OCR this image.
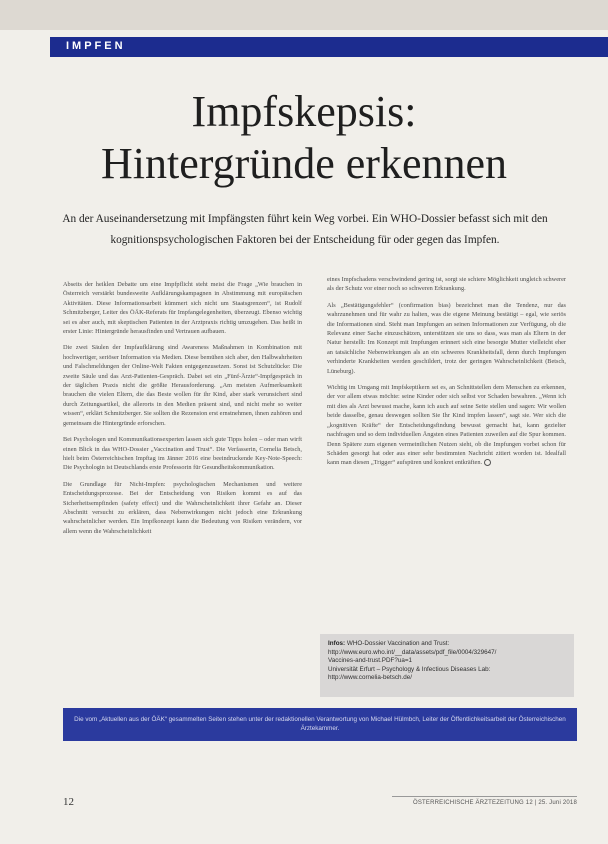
IMPFEN
Impfskepsis:
Hintergründe erkennen
An der Auseinandersetzung mit Impfängsten führt kein Weg vorbei. Ein WHO-Dossier befasst sich mit den kognitionspsychologischen Faktoren bei der Entscheidung für oder gegen das Impfen.

Abseits der heiklen Debatte um eine Impfpflicht steht meist die Frage „Wie brauchen in Österreich verstärkt bundesweite Aufklärungskampagnen in Abstimmung mit europäischen Aktivitäten. Diese Informationsarbeit kümmert sich nicht um Staatsgrenzen“, ist Rudolf Schmitzberger, Leiter des ÖÄK-Referats für Impfangelegenheiten, überzeugt. Ebenso wichtig sei es aber auch, mit skeptischen Patienten in der Arztpraxis richtig umzugehen. Das heißt in erster Linie: Hintergründe herausfinden und Vertrauen aufbauen.

Die zwei Säulen der Impfaufklärung sind Awareness Maßnahmen in Kombination mit hochwertiger, seriöser Information via Medien. Diese bemühen sich aber, den Halbwahrheiten und Falschmeldungen der Online-Welt Fakten entgegenzusetzen. Sonst ist Schutzlücke: Die zweite Säule und das Arzt-Patienten-Gespräch. Dabei sei ein „Fünf-Ärzte“-Impfgespräch in der täglichen Praxis nicht die größte Herausforderung. „Am meisten Aufmerksamkeit brauchen die vielen Eltern, die das Beste wollen für ihr Kind, aber stark verunsichert sind durch Zeitungsartikel, die allerorts in den Medien präsent sind, und nicht mehr so weiter wissen“, erklärt Schmitzberger. Sie sollten die Rezension erst ernstnehmen, ihnen zuhören und gemeinsam die Hintergründe erforschen.

Bei Psychologen und Kommunikationsexperten lassen sich gute Tipps holen – oder man wirft einen Blick in das WHO-Dossier „Vaccination and Trust“. Die Verfasserin, Cornelia Betsch, hielt beim Österreichischen Impftag im Jänner 2016 eine beeindruckende Key-Note-Speech: Die Psychologin ist Deutschlands erste Professorin für Gesundheitskommunikation.

Die Grundlage für Nicht-Impfen: psychologischen Mechanismen und weitere Entscheidungsprozesse. Bei der Entscheidung von Risiken kommt es auf das Sicherheitsempfinden (safety effect) und die Wahrscheinlichkeit ihrer Gefahr an. Dieser Abschnitt versucht zu erklären, dass Nebenwirkungen nicht jedoch eine Erkrankung wahrscheinlicher werden. Ein Impfkonzept kann die Bedeutung von Risiken verändern, vor allem wenn die Wahrscheinlichkeit

eines Impfschadens verschwindend gering ist, sorgt sie schiere Möglichkeit ungleich schwerer als der Schutz vor einer noch so schweren Erkrankung.

Als „Bestätigungsfehler“ (confirmation bias) bezeichnet man die Tendenz, nur das wahrzunehmen und für wahr zu halten, was die eigene Meinung bestätigt – egal, wie seriös die Informationen sind. Steht man Impfungen an seinen Informationen zur Verfügung, ob die Relevanz einer Sache einzuschätzen, unterstützen sie uns so dass, was man als Eltern in der Natur herstellt: Im Konzept mit Impfungen erinnert sich eine besorgte Mutter vielleicht eher an tatsächliche Nebenwirkungen als an ein schweres Krankheitsfall, denn durch Impfungen verhinderte Krankheiten werden geschildert, trotz der geringen Wahrscheinlichkeit (Betsch, Lüneburg).

Wichtig im Umgang mit Impfskeptikern sei es, an Schnittstellen dem Menschen zu erkennen, der vor allem etwas möchte: seine Kinder oder sich selbst vor Schaden bewahren. „Wenn ich mit dies als Arzt bewusst mache, kann ich auch auf seine Seite stellen und sagen: Wir wollen beide dasselbe, genau deswegen sollten Sie Ihr Kind impfen lassen“, sagt sie. Wer sich die „kognitiven Kräfte“ der Entscheidungsfindung bewusst gemacht hat, kann gezielter nachfragen und so dem individuellen Ängsten eines Patienten zuweilen auf die Spur kommen. Denn Spätere zum eigenen vermeintlichen Nutzen sieht, ob die Impfungen vorbei schon für Schäden gesorgt hat oder aus einer sehr bestimmten Nachricht zitiert worden ist. Idealfall kann man diesen „Trigger“ aufspüren und konkret entkräften.

Infos: WHO-Dossier Vaccination and Trust:
http://www.euro.who.int/__data/assets/pdf_file/0004/329647/
Vaccines-and-trust.PDF?ua=1
Universität Erfurt – Psychology & Infectious Diseases Lab:
http://www.cornelia-betsch.de/
Die vom „Aktuellen aus der ÖÄK“ gesammelten Seiten stehen unter der redaktionellen Verantwortung von Michael Hülmbch, Leiter der Öffentlichkeitsarbeit der Österreichischen Ärztekammer.
12	ÖSTERREICHISCHE ÄRZTEZEITUNG 12 | 25. Juni 2018
